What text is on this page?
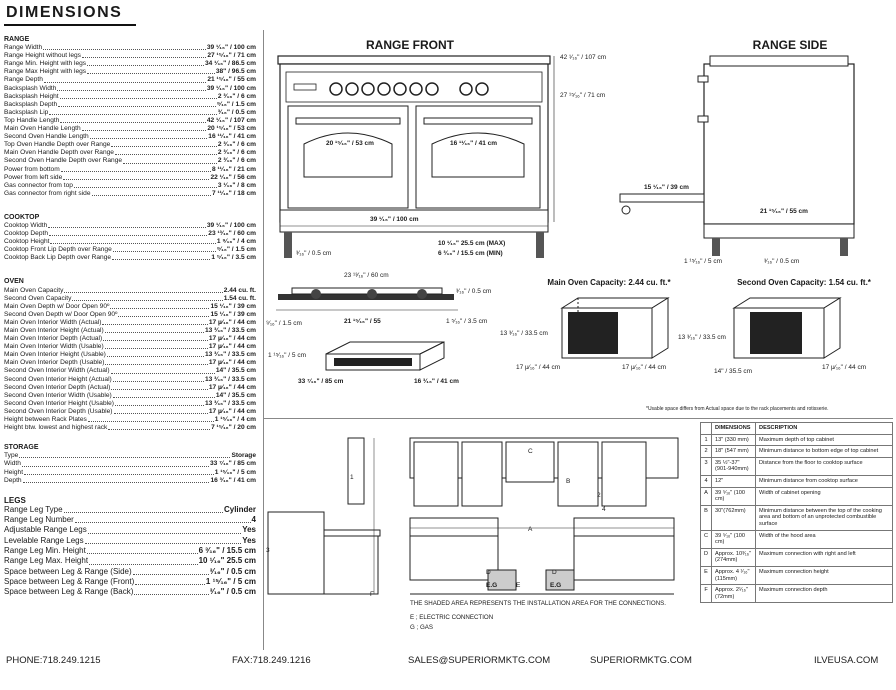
DIMENSIONS
RANGE
Range Width	39 ¹⁄₁₆" / 100 cm
Range Height without legs	27 ¹⁵⁄₁₆" / 71 cm
Range Min. Height with legs	34 ¹⁄₁₆" / 86.5 cm
Range Max Height with legs	38" / 96.5 cm
Range Depth	21 ¹⁵⁄₁₆" / 55 cm
Backsplash Width	39 ¹⁄₁₆" / 100 cm
Backsplash Height	2 ³⁄₁₆" / 6 cm
Backsplash Depth	⁹⁄₁₆" / 1.5 cm
Backsplash Lip	³⁄₁₆" / 0.5 cm
Top Handle Length	42 ¹⁄₁₆" / 107 cm
Main Oven Handle Length	20 ¹⁵⁄₁₆" / 53 cm
Second Oven Handle Length	16 ¹¹⁄₁₆" / 41 cm
Top Oven Handle Depth over Range	2 ³⁄₁₆" / 6 cm
Main Oven Handle Depth over Range	2 ³⁄₁₆" / 6 cm
Second Oven Handle Depth over Range	2 ³⁄₁₆" / 6 cm
Power from bottom	8 ¹¹⁄₁₆" / 21 cm
Power from left side	22 ¹⁄₁₆" / 56 cm
Gas connector from top	3 ¹⁄₁₆" / 8 cm
Gas connector from right side	7 ¹¹⁄₁₆" / 18 cm
COOKTOP
Cooktop Width	39 ¹⁄₁₆" / 100 cm
Cooktop Depth	23 ¹³⁄₁₆" / 60 cm
Cooktop Height	1 ⁹⁄₁₆" / 4 cm
Cooktop Front Lip Depth over Range	⁹⁄₁₆" / 1.5 cm
Cooktop Back Lip Depth over Range	1 ⁵⁄₁₆" / 3.5 cm
OVEN
Main Oven Capacity	2.44 cu. ft.
Second Oven Capacity	1.54 cu. ft.
Main Oven Depth w/ Door Open 90º	15 ¹⁄₁₆" / 39 cm
Second Oven Depth w/ Door Open 90º	15 ¹⁄₁₆" / 39 cm
Main Oven Interior Width (Actual)	17 µ⁄₁₆" / 44 cm
Main Oven Interior Height (Actual)	13 ³⁄₁₆" / 33.5 cm
Main Oven Interior Depth (Actual)	17 µ⁄₁₆" / 44 cm
Main Oven Interior Width (Usable)	17 µ⁄₁₆" / 44 cm
Main Oven Interior Height (Usable)	13 ³⁄₁₆" / 33.5 cm
Main Oven Interior Depth (Usable)	17 µ⁄₁₆" / 44 cm
Second Oven Interior Width (Actual)	14" / 35.5 cm
Second Oven Interior Height (Actual)	13 ³⁄₁₆" / 33.5 cm
Second Oven Interior Depth (Actual)	17 µ⁄₁₆" / 44 cm
Second Oven Interior Width (Usable)	14" / 35.5 cm
Second Oven Interior Height (Usable)	13 ³⁄₁₆" / 33.5 cm
Second Oven Interior Depth (Usable)	17 µ⁄₁₆" / 44 cm
Height between Rack Plates	1 ¹⁵⁄₁₆" / 4 cm
Height btw. lowest and highest rack	7 ¹⁵⁄₁₆" / 20 cm
STORAGE
Type	Storage
Width	33 ⁷⁄₁₆" / 85 cm
Height	1 ¹⁵⁄₁₆" / 5 cm
Depth	16 ³⁄₁₆" / 41 cm
LEGS
Range Leg Type	Cylinder
Range Leg Number	4
Adjustable Range Legs	Yes
Levelable Range Legs	Yes
Range Leg Min. Height	6 ³⁄₁₆" / 15.5 cm
Range Leg Max. Height	10 ¹⁄₁₆" 25.5 cm
Space between Leg & Range (Side)	³⁄₁₆" / 0.5 cm
Space between Leg & Range (Front)	1 ¹⁵⁄₁₆" / 5 cm
Space between Leg & Range (Back)	³⁄₁₆" / 0.5 cm
RANGE FRONT
42 ¹⁄₁₆" / 107 cm
27 ¹⁵⁄₁₆" / 71 cm
20 ¹⁵⁄₁₆" / 53 cm	16 ¹¹⁄₁₆" / 41 cm
39 ¹⁄₁₆" / 100 cm
³⁄₁₆" / 0.5 cm
10 ¹⁄₁₆" 25.5 cm (MAX)
6 ³⁄₁₆" / 15.5 cm (MIN)
RANGE SIDE
15 ¹⁄₁₆" / 39 cm
21 ¹⁵⁄₁₆" / 55 cm
1 ¹⁵⁄₁₆" / 5 cm	³⁄₁₆" / 0.5 cm
23 ¹³⁄₁₆" / 60 cm
³⁄₁₆" / 0.5 cm
⁹⁄₁₆" / 1.5 cm	21 ¹⁵⁄₁₆" / 55	1 ⁵⁄₁₆" / 3.5 cm
1 ¹⁵⁄₁₆" / 5 cm
33 ⁷⁄₁₆" / 85 cm	16 ³⁄₁₆" / 41 cm
Main Oven Capacity: 2.44 cu. ft.*
13 ³⁄₁₆" / 33.5 cm
17 µ⁄₁₆" / 44 cm	17 µ⁄₁₆" / 44 cm
Second Oven Capacity: 1.54 cu. ft.*
13 ³⁄₁₆" / 33.5 cm
14" / 35.5 cm
17 µ⁄₁₆" / 44 cm
*Usable space differs from Actual space due to the rack placements and rotisserie.
1
B
C
2
4
A
3
D	D
E.G	E	E.G
F
THE SHADED AREA REPRESENTS THE INSTALLATION AREA FOR THE CONNECTIONS.
E ; ELECTRIC CONNECTION
G ; GAS
	DIMENSIONS	DESCRIPTION
1	13" (330 mm)	Maximum depth of top cabinet
2	18" (547 mm)	Minimum distance to bottom edge of top cabinet
3	35 ½"-37" (901-940mm)	Distance from the floor to cooktop surface
4	12"	Minimum distance from cooktop surface
A	39 ⁵⁄₁₆" (100 cm)	Width of cabinet opening
B	30"(762mm)	Minimum distance between the top of the cooking area and bottom of an unprotected combustible surface
C	39 ⁵⁄₁₆" (100 cm)	Width of the hood area
D	Approx. 10³⁄₁₆" (274mm)	Maximum connection with right and left
E	Approx. 4 ¹⁄₁₆" (115mm)	Maximum connection height
F	Approx. 2¹⁄₁₆" (72mm)	Maximum connection depth
PHONE:718.249.1215	FAX:718.249.1216	SALES@SUPERIORMKTG.COM	SUPERIORMKTG.COM	ILVEUSA.COM
